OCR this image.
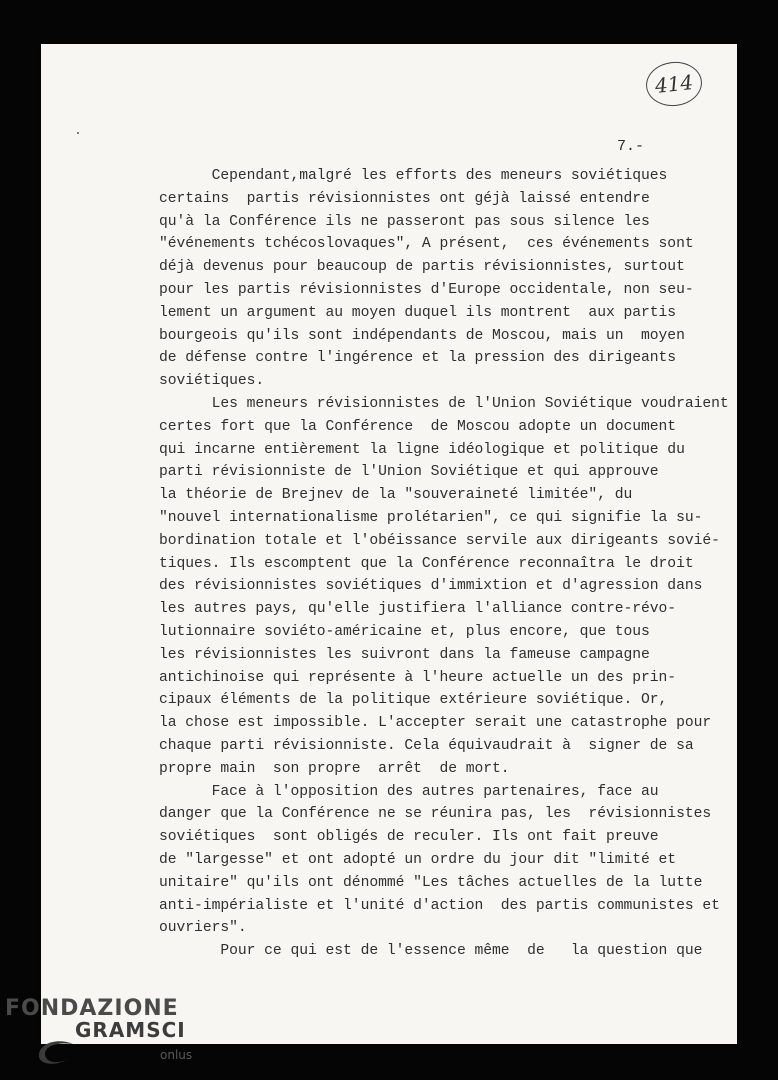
414
7.-
Cependant,malgré les efforts des meneurs soviétiques
certains  partis révisionnistes ont géjà laissé entendre
qu'à la Conférence ils ne passeront pas sous silence les
"événements tchécoslovaques", A présent,  ces événements sont
déjà devenus pour beaucoup de partis révisionnistes, surtout
pour les partis révisionnistes d'Europe occidentale, non seu-
lement un argument au moyen duquel ils montrent  aux partis
bourgeois qu'ils sont indépendants de Moscou, mais un  moyen
de défense contre l'ingérence et la pression des dirigeants
soviétiques.
Les meneurs révisionnistes de l'Union Soviétique voudraient
certes fort que la Conférence  de Moscou adopte un document
qui incarne entièrement la ligne idéologique et politique du
parti révisionniste de l'Union Soviétique et qui approuve
la théorie de Brejnev de la "souveraineté limitée", du
"nouvel internationalisme prolétarien", ce qui signifie la su-
bordination totale et l'obéissance servile aux dirigeants sovié-
tiques. Ils escomptent que la Conférence reconnaîtra le droit
des révisionnistes soviétiques d'immixtion et d'agression dans
les autres pays, qu'elle justifiera l'alliance contre-révo-
lutionnaire soviéto-américaine et, plus encore, que tous
les révisionnistes les suivront dans la fameuse campagne
antichinoise qui représente à l'heure actuelle un des prin-
cipaux éléments de la politique extérieure soviétique. Or,
la chose est impossible. L'accepter serait une catastrophe pour
chaque parti révisionniste. Cela équivaudrait à  signer de sa
propre main  son propre  arrêt  de mort.
Face à l'opposition des autres partenaires, face au
danger que la Conférence ne se réunira pas, les  révisionnistes
soviétiques  sont obligés de reculer. Ils ont fait preuve
de "largesse" et ont adopté un ordre du jour dit "limité et
unitaire" qu'ils ont dénommé "Les tâches actuelles de la lutte
anti-impérialiste et l'unité d'action  des partis communistes et
ouvriers".
Pour ce qui est de l'essence même  de   la question que
FONDAZIONE
GRAMSCI
onlus
